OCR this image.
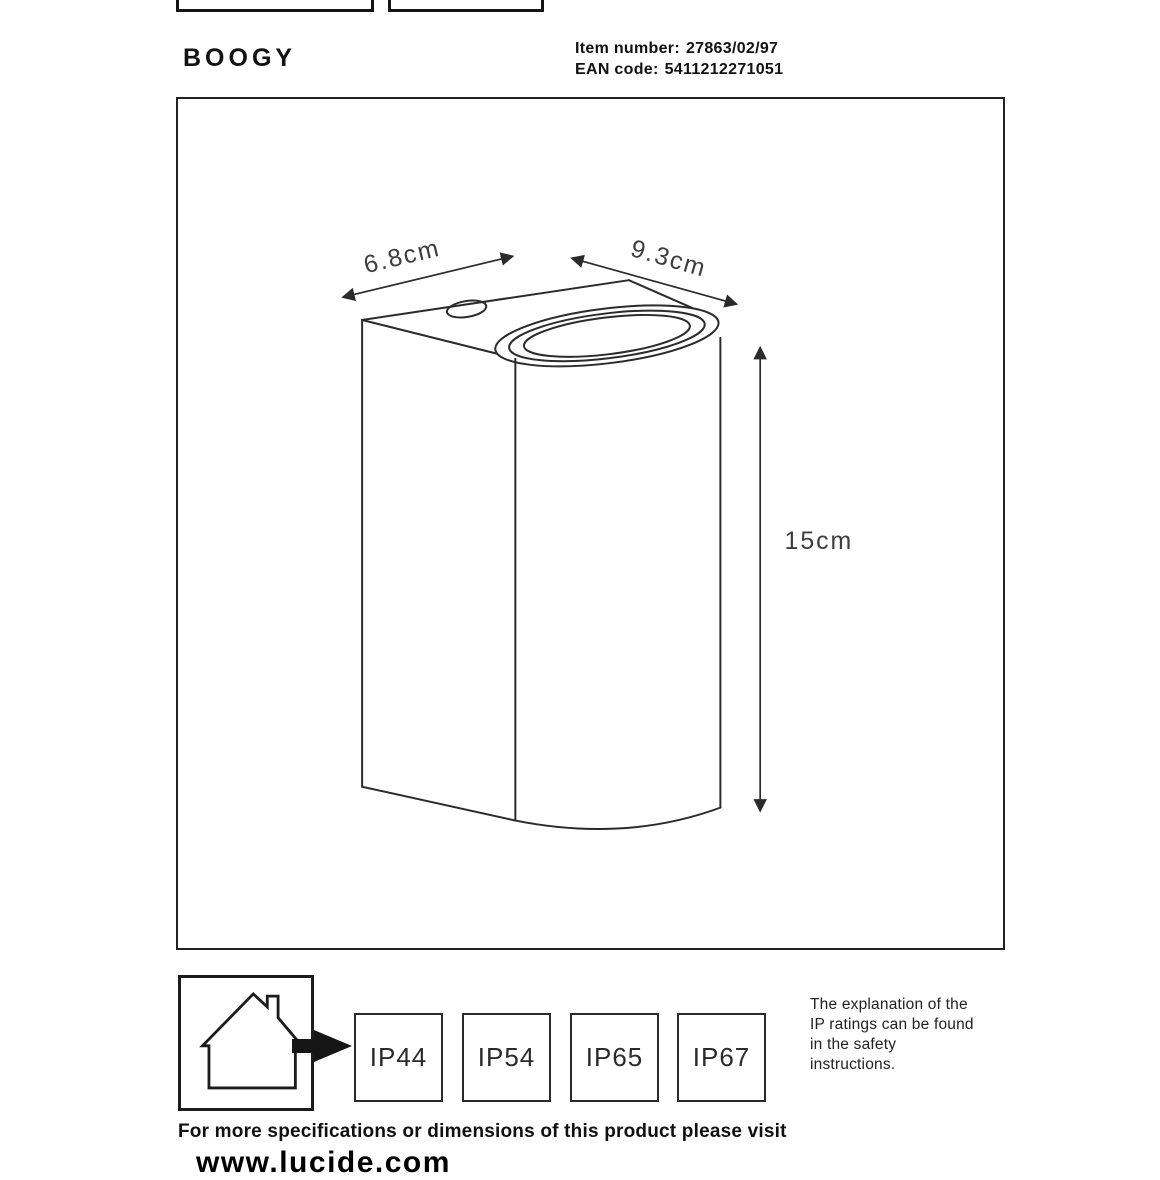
BOOGY	Item number: 27863/02/97
EAN code: 5411212271051
6.8cm	9.3cm
15cm
IP44	IP54	IP65	IP67
The explanation of the
IP ratings can be found
in the safety
instructions.
For more specifications or dimensions of this product please visit
www.lucide.com
